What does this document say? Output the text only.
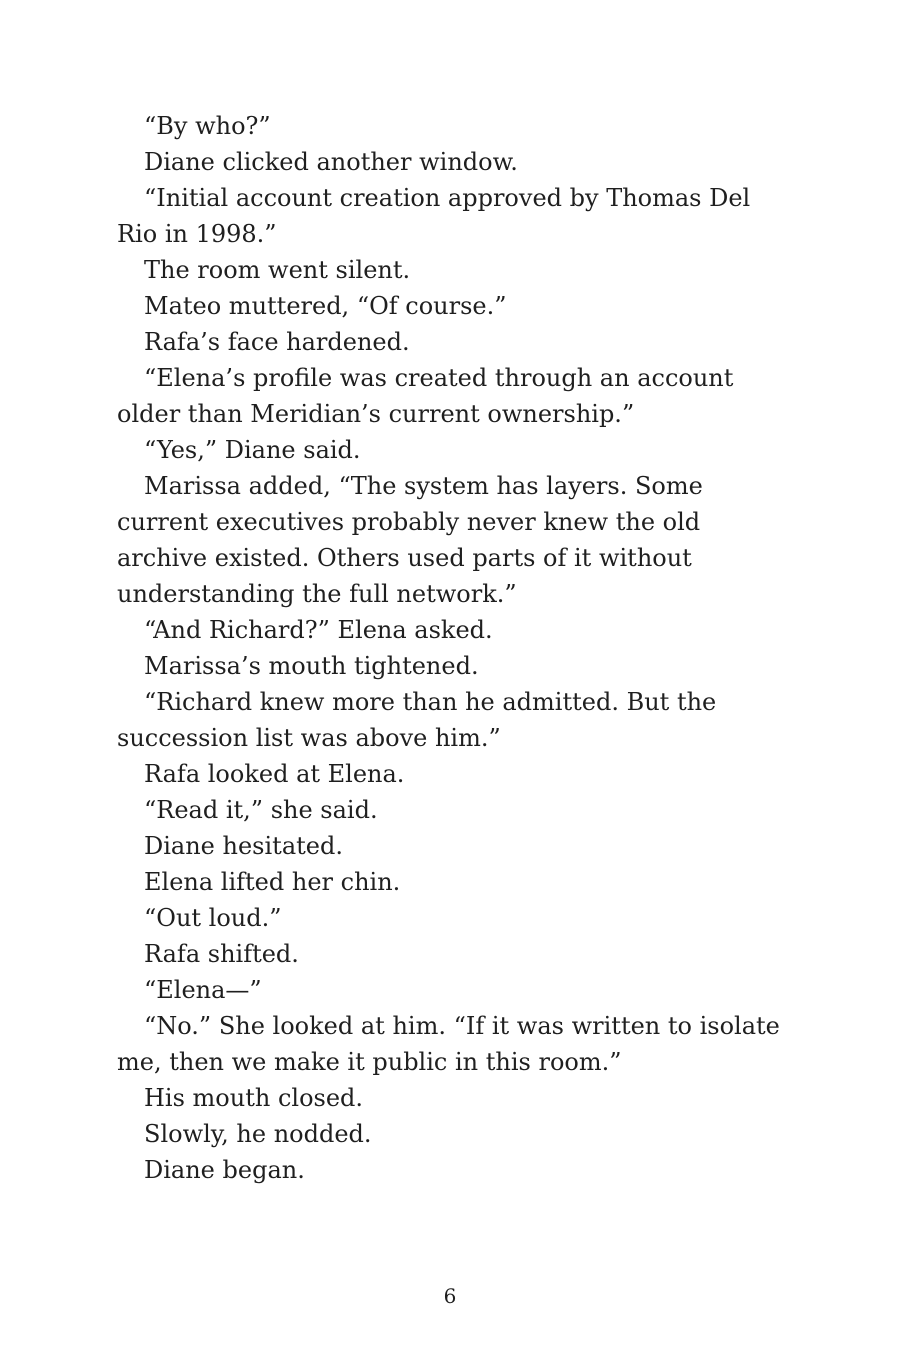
“By who?”

Diane clicked another window.

“Initial account creation approved by Thomas Del Rio in 1998.”

The room went silent.

Mateo muttered, “Of course.”

Rafa’s face hardened.

“Elena’s profile was created through an account older than Meridian’s current ownership.”

“Yes,” Diane said.

Marissa added, “The system has layers. Some current executives probably never knew the old archive existed. Others used parts of it without understanding the full network.”

“And Richard?” Elena asked.

Marissa’s mouth tightened.

“Richard knew more than he admitted. But the succession list was above him.”

Rafa looked at Elena.

“Read it,” she said.

Diane hesitated.

Elena lifted her chin.

“Out loud.”

Rafa shifted.

“Elena—”

“No.” She looked at him. “If it was written to isolate me, then we make it public in this room.”

His mouth closed.

Slowly, he nodded.

Diane began.

6
